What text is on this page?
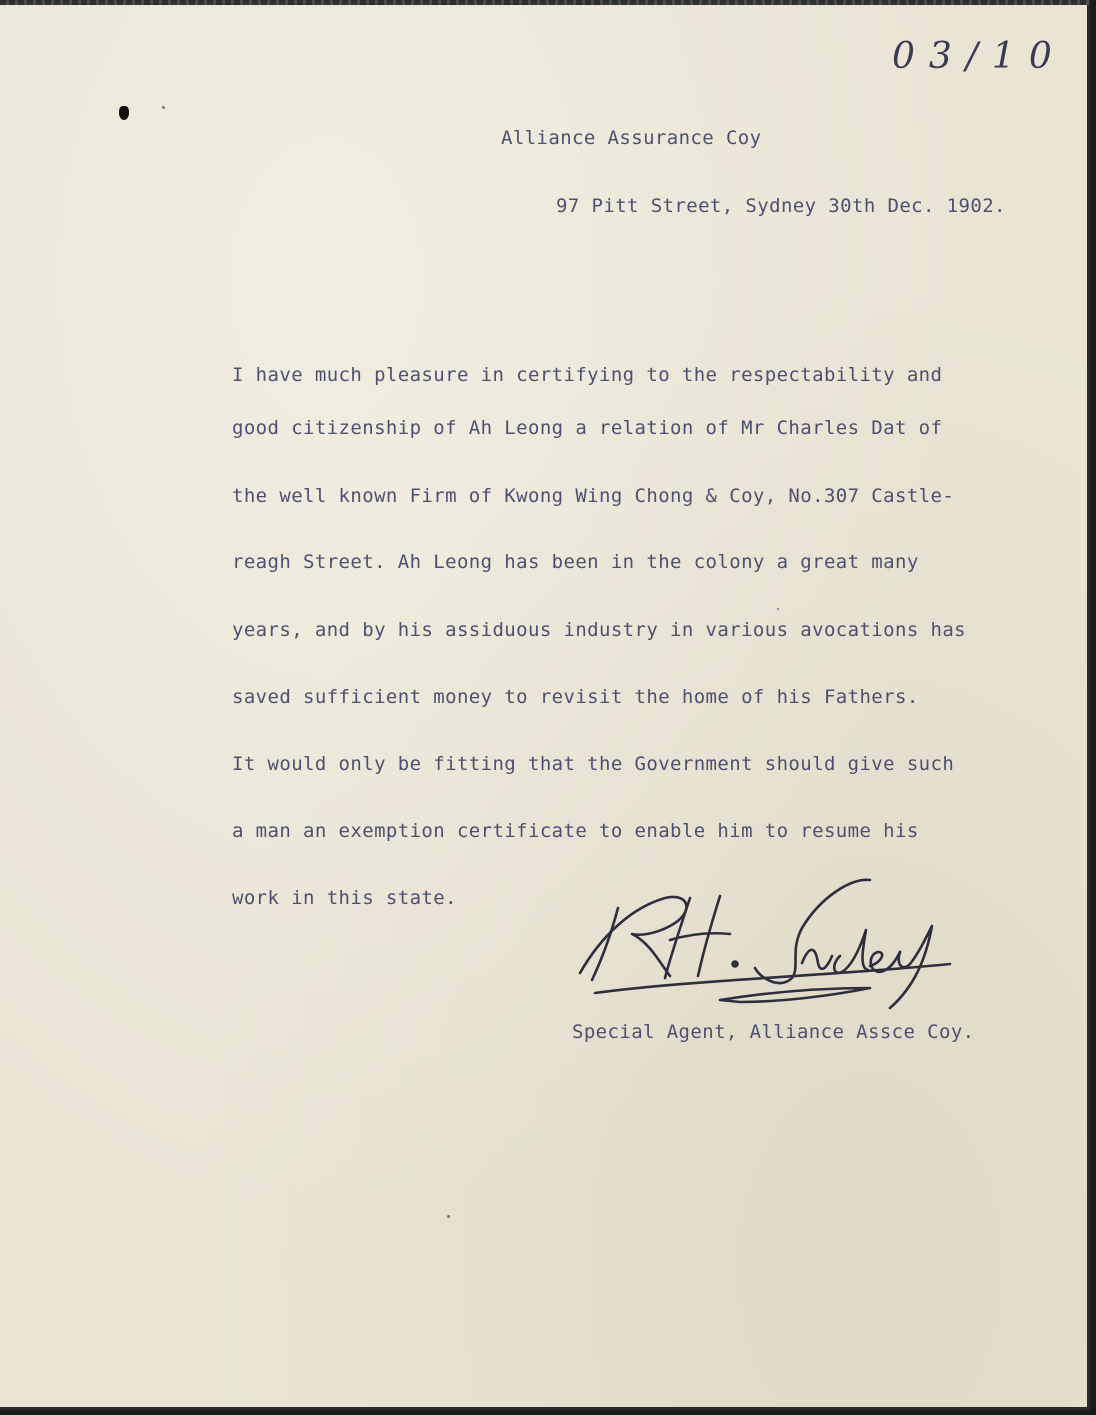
03/10
Alliance Assurance Coy
97 Pitt Street, Sydney 30th Dec. 1902.
I have much pleasure in certifying to the respectability and
good citizenship of Ah Leong a relation of Mr Charles Dat of
the well known Firm of Kwong Wing Chong & Coy, No.307 Castle-
reagh Street. Ah Leong has been in the colony a great many
years, and by his assiduous industry in various avocations has
saved sufficient money to revisit the home of his Fathers.
It would only be fitting that the Government should give such
a man an exemption certificate to enable him to resume his
work in this state.
Special Agent, Alliance Assce Coy.
